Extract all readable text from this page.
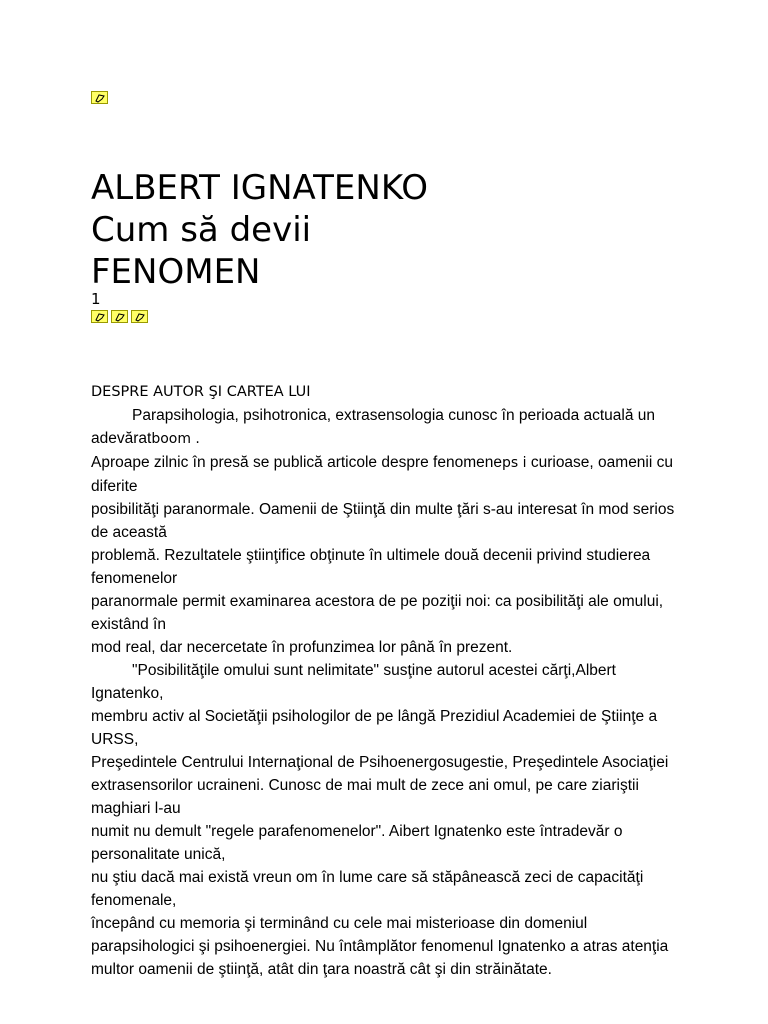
ALBERT IGNATENKO
Cum să devii
FENOMEN
1
DESPRE AUTOR ŞI CARTEA LUI
Parapsihologia, psihotronica, extrasensologia cunosc în perioada actuală un
adevăratboom .
Aproape zilnic în presă se publică articole despre fenomeneps i curioase, oamenii cu
diferite
posibilităţi paranormale. Oamenii de Ştiinţă din multe ţări s-au interesat în mod serios
de această
problemă. Rezultatele ştiinţifice obţinute în ultimele două decenii privind studierea
fenomenelor
paranormale permit examinarea acestora de pe poziţii noi: ca posibilităţi ale omului,
existând în
mod real, dar necercetate în profunzimea lor până în prezent.
"Posibilităţile omului sunt nelimitate" susţine autorul acestei cărţi,Albert
Ignatenko,
membru activ al Societăţii psihologilor de pe lângă Prezidiul Academiei de Ştiinţe a
URSS,
Preşedintele Centrului Internaţional de Psihoenergosugestie, Preşedintele Asociaţiei
extrasensorilor ucraineni. Cunosc de mai mult de zece ani omul, pe care ziariştii
maghiari l-au
numit nu demult "regele parafenomenelor". Aibert Ignatenko este întradevăr o
personalitate unică,
nu ştiu dacă mai există vreun om în lume care să stăpânească zeci de capacităţi
fenomenale,
începând cu memoria şi terminând cu cele mai misterioase din domeniul
parapsihologici şi psihoenergiei. Nu întâmplător fenomenul Ignatenko a atras atenţia
multor oamenii de ştiinţă, atât din ţara noastră cât şi din străinătate.
